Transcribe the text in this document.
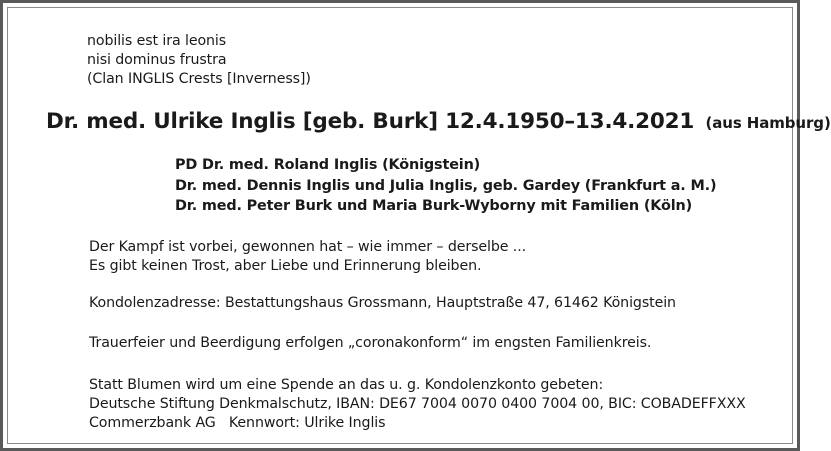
nobilis est ira leonis
nisi dominus frustra
(Clan INGLIS Crests [Inverness])
Dr. med. Ulrike Inglis [geb. Burk] 12.4.1950–13.4.2021 (aus Hamburg)
PD Dr. med. Roland Inglis (Königstein)
Dr. med. Dennis Inglis und Julia Inglis, geb. Gardey (Frankfurt a. M.)
Dr. med. Peter Burk und Maria Burk-Wyborny mit Familien (Köln)
Der Kampf ist vorbei, gewonnen hat – wie immer – derselbe ...
Es gibt keinen Trost, aber Liebe und Erinnerung bleiben.
Kondolenzadresse: Bestattungshaus Grossmann, Hauptstraße 47, 61462 Königstein
Trauerfeier und Beerdigung erfolgen „coronakonform“ im engsten Familienkreis.
Statt Blumen wird um eine Spende an das u. g. Kondolenzkonto gebeten:
Deutsche Stiftung Denkmalschutz, IBAN: DE67 7004 0070 0400 7004 00, BIC: COBADEFFXXX
Commerzbank AG   Kennwort: Ulrike Inglis
